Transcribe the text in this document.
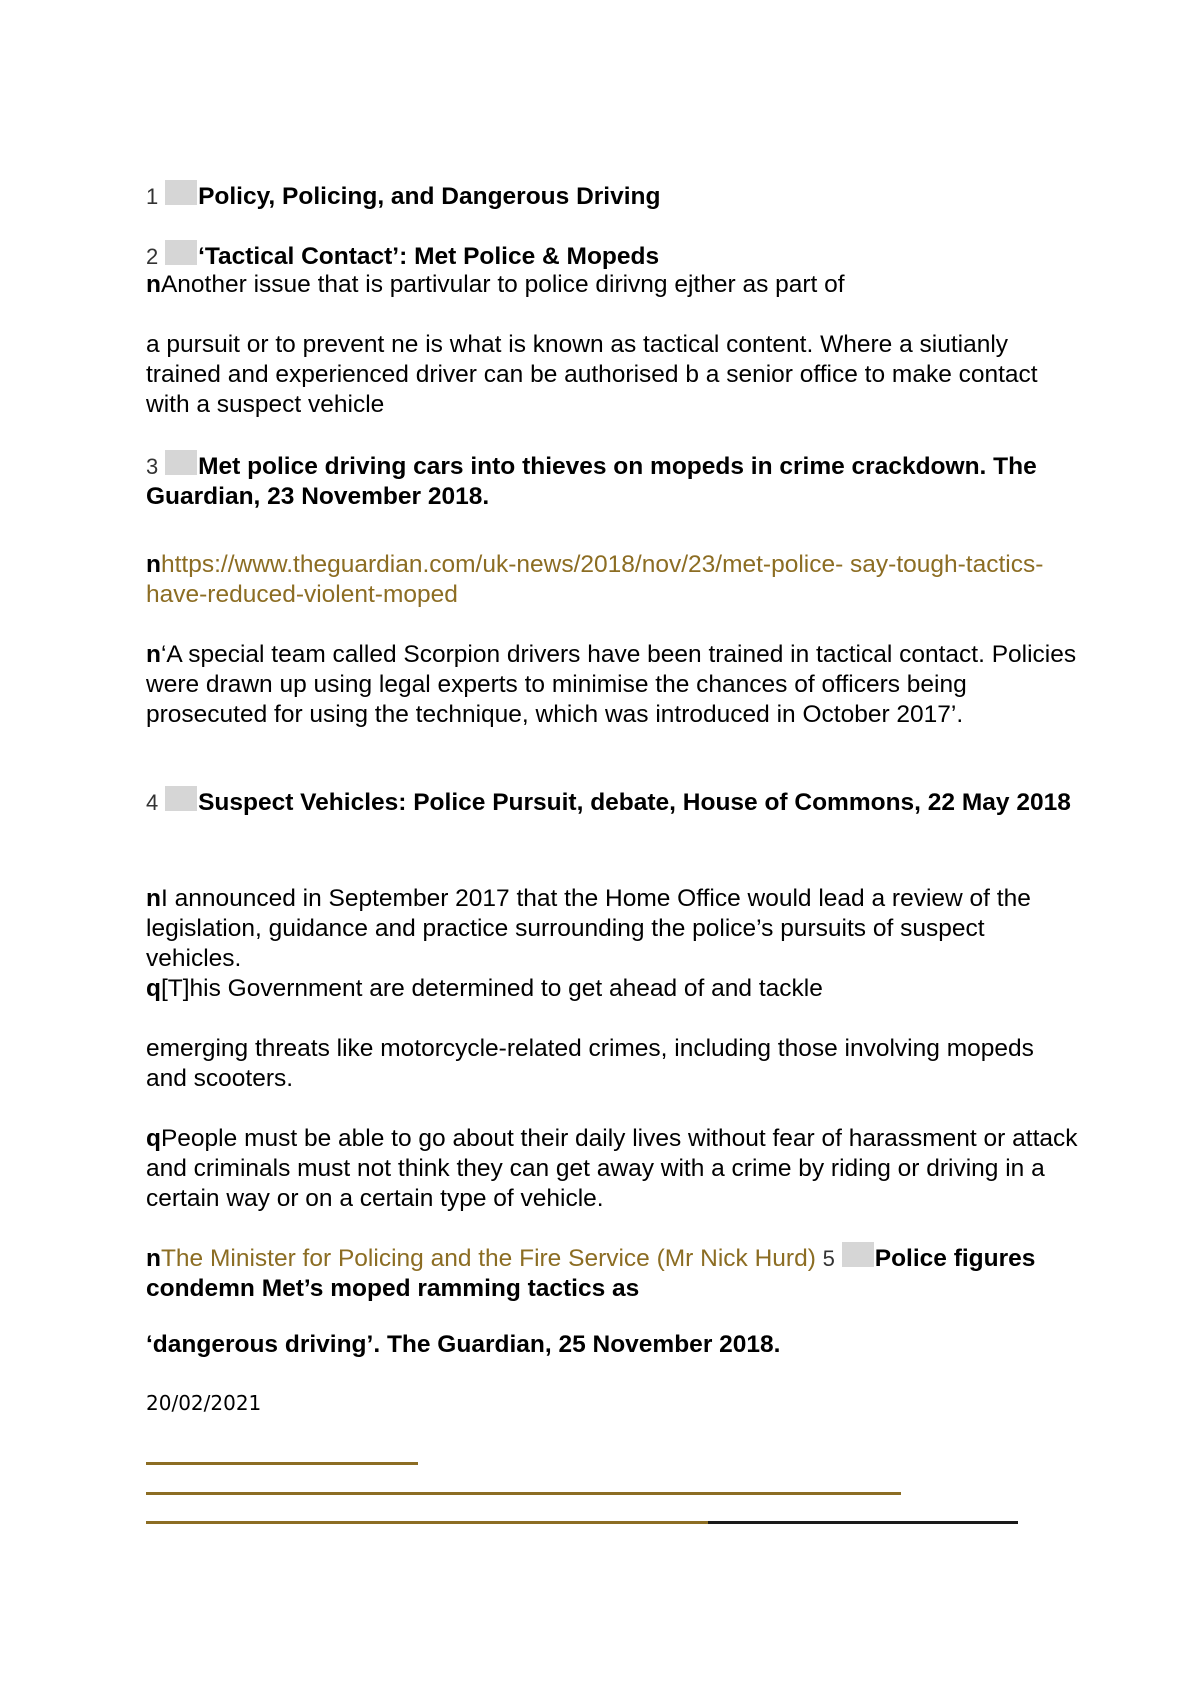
1 Policy, Policing, and Dangerous Driving
2 ‘Tactical Contact’: Met Police & Mopeds
nAnother issue that is partivular to police dirivng ejther as part of
a pursuit or to prevent ne is what is known as tactical content. Where a siutianly trained and experienced driver can be authorised b a senior office to make contact with a suspect vehicle
3 Met police driving cars into thieves on mopeds in crime crackdown. The Guardian, 23 November 2018.
nhttps://www.theguardian.com/uk-news/2018/nov/23/met-police- say-tough-tactics-have-reduced-violent-moped
n‘A special team called Scorpion drivers have been trained in tactical contact. Policies were drawn up using legal experts to minimise the chances of officers being prosecuted for using the technique, which was introduced in October 2017’.
4 Suspect Vehicles: Police Pursuit, debate, House of Commons, 22 May 2018
nI announced in September 2017 that the Home Office would lead a review of the legislation, guidance and practice surrounding the police’s pursuits of suspect vehicles.
q[T]his Government are determined to get ahead of and tackle
emerging threats like motorcycle-related crimes, including those involving mopeds and scooters.
qPeople must be able to go about their daily lives without fear of harassment or attack and criminals must not think they can get away with a crime by riding or driving in a certain way or on a certain type of vehicle.
nThe Minister for Policing and the Fire Service (Mr Nick Hurd) 5 Police figures condemn Met’s moped ramming tactics as
‘dangerous driving’. The Guardian, 25 November 2018.
20/02/2021
